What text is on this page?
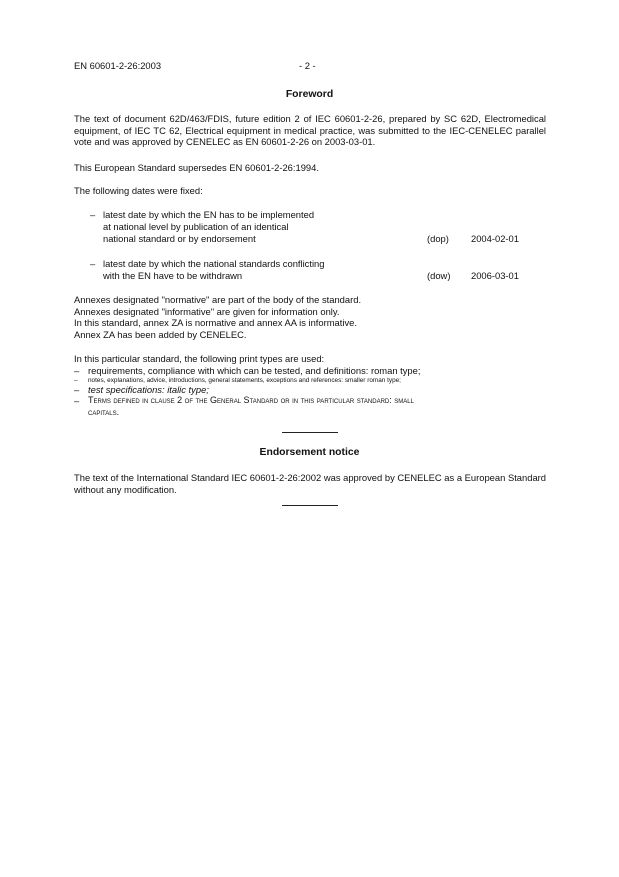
EN 60601-2-26:2003	- 2 -
Foreword
The text of document 62D/463/FDIS, future edition 2 of IEC 60601-2-26, prepared by SC 62D, Electromedical equipment, of IEC TC 62, Electrical equipment in medical practice, was submitted to the IEC-CENELEC parallel vote and was approved by CENELEC as EN 60601-2-26 on 2003-03-01.
This European Standard supersedes EN 60601-2-26:1994.
The following dates were fixed:
– latest date by which the EN has to be implemented
at national level by publication of an identical
national standard or by endorsement	(dop) 2004-02-01
– latest date by which the national standards conflicting
with the EN have to be withdrawn	(dow) 2006-03-01
Annexes designated "normative" are part of the body of the standard.
Annexes designated "informative" are given for information only.
In this standard, annex ZA is normative and annex AA is informative.
Annex ZA has been added by CENELEC.
In this particular standard, the following print types are used:
– requirements, compliance with which can be tested, and definitions: roman type;
– notes, explanations, advice, introductions, general statements, exceptions and references: smaller roman type;
– test specifications: italic type;
– Terms defined in clause 2 of the General Standard or in this particular standard: small
capitals.
Endorsement notice
The text of the International Standard IEC 60601-2-26:2002 was approved by CENELEC as a European Standard without any modification.
